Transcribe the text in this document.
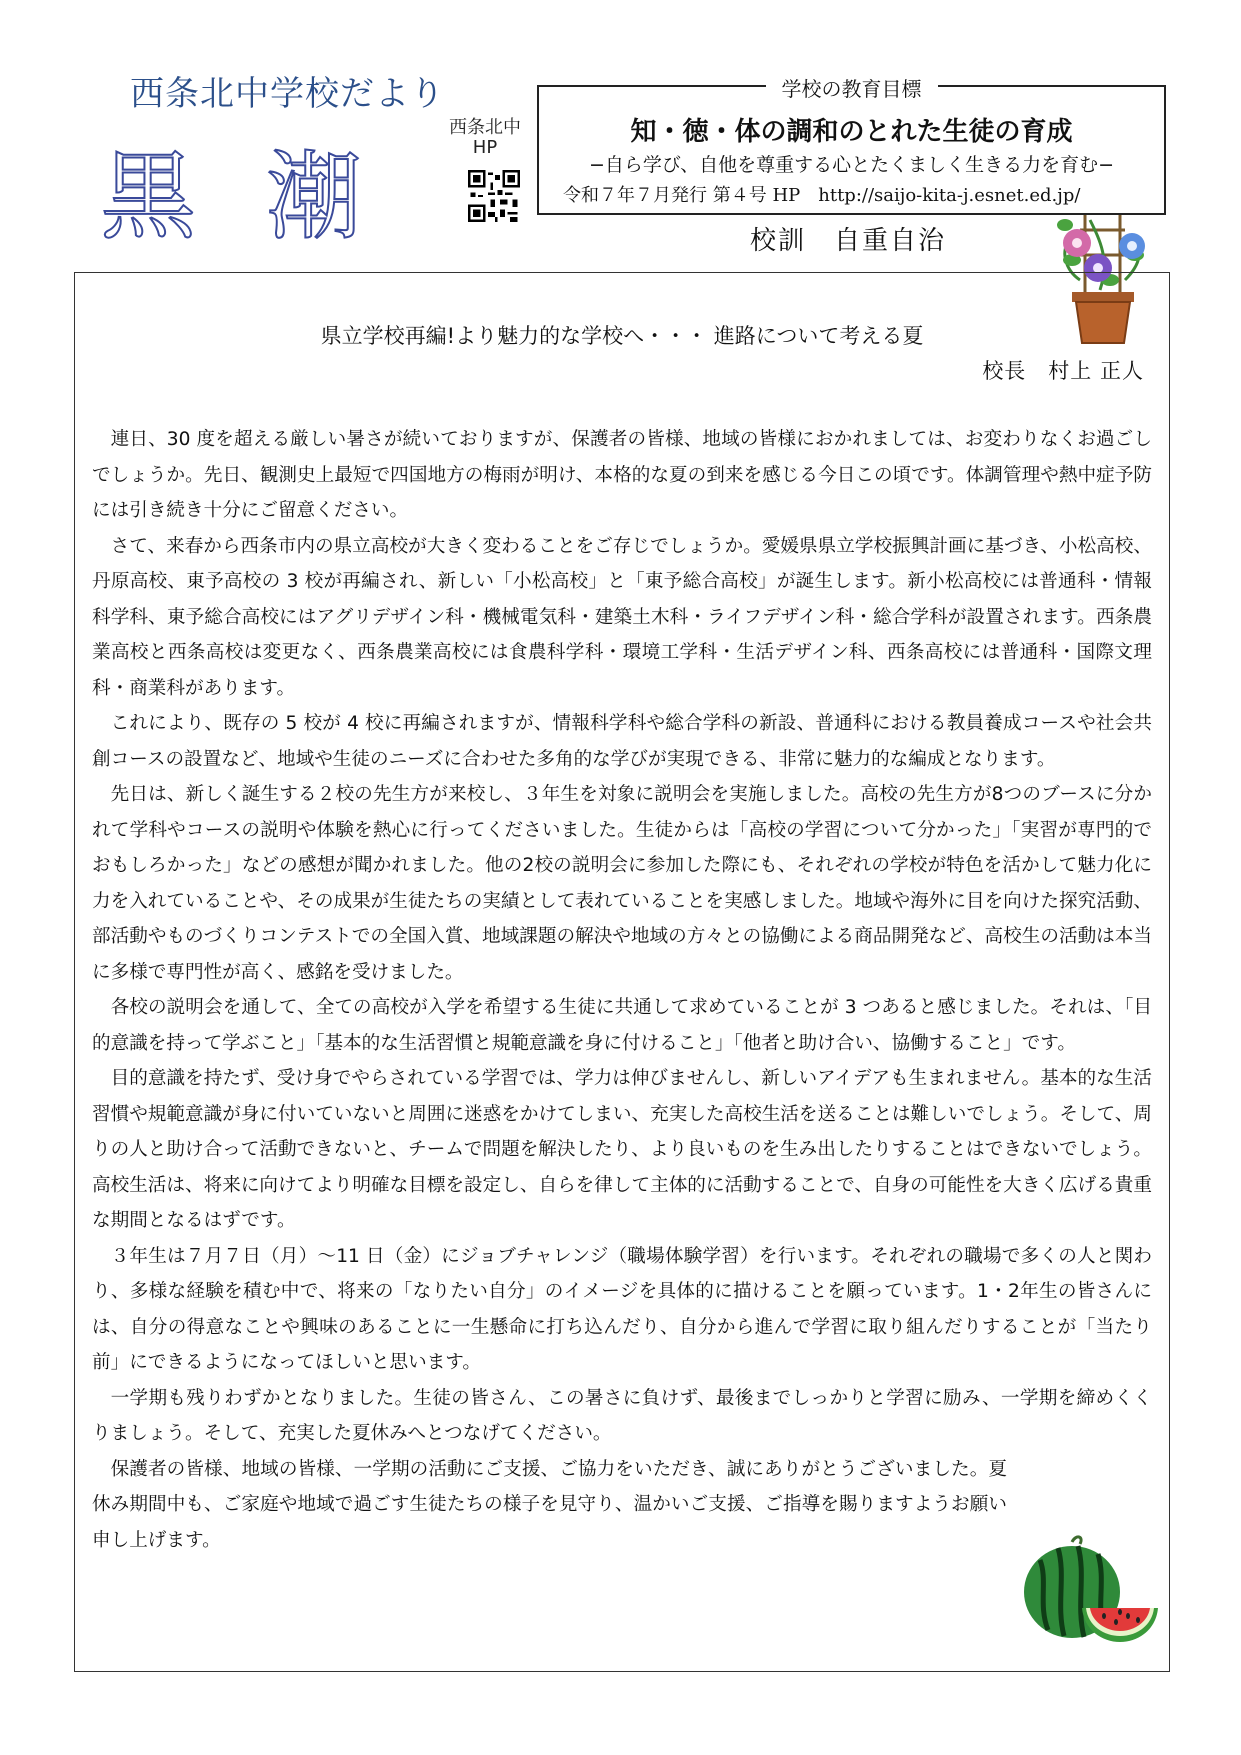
西条北中学校だより
黒潮
西条北中
HP
学校の教育目標
知・徳・体の調和のとれた生徒の育成
−自ら学び、自他を尊重する心とたくましく生きる力を育む−
令和７年７月発行 第４号 HP　http://saijo-kita-j.esnet.ed.jp/
校訓　自重自治
県立学校再編!より魅力的な学校へ・・・ 進路について考える夏
校長　村上 正人

連日、30 度を超える厳しい暑さが続いておりますが、保護者の皆様、地域の皆様におかれましては、お変わりなくお過ごしでしょうか。先日、観測史上最短で四国地方の梅雨が明け、本格的な夏の到来を感じる今日この頃です。体調管理や熱中症予防には引き続き十分にご留意ください。

さて、来春から西条市内の県立高校が大きく変わることをご存じでしょうか。愛媛県県立学校振興計画に基づき、小松高校、丹原高校、東予高校の 3 校が再編され、新しい「小松高校」と「東予総合高校」が誕生します。新小松高校には普通科・情報科学科、東予総合高校にはアグリデザイン科・機械電気科・建築土木科・ライフデザイン科・総合学科が設置されます。西条農業高校と西条高校は変更なく、西条農業高校には食農科学科・環境工学科・生活デザイン科、西条高校には普通科・国際文理科・商業科があります。

これにより、既存の 5 校が 4 校に再編されますが、情報科学科や総合学科の新設、普通科における教員養成コースや社会共創コースの設置など、地域や生徒のニーズに合わせた多角的な学びが実現できる、非常に魅力的な編成となります。

先日は、新しく誕生する２校の先生方が来校し、３年生を対象に説明会を実施しました。高校の先生方が8つのブースに分かれて学科やコースの説明や体験を熱心に行ってくださいました。生徒からは「高校の学習について分かった」「実習が専門的でおもしろかった」などの感想が聞かれました。他の2校の説明会に参加した際にも、それぞれの学校が特色を活かして魅力化に力を入れていることや、その成果が生徒たちの実績として表れていることを実感しました。地域や海外に目を向けた探究活動、部活動やものづくりコンテストでの全国入賞、地域課題の解決や地域の方々との協働による商品開発など、高校生の活動は本当に多様で専門性が高く、感銘を受けました。

各校の説明会を通して、全ての高校が入学を希望する生徒に共通して求めていることが 3 つあると感じました。それは、「目的意識を持って学ぶこと」「基本的な生活習慣と規範意識を身に付けること」「他者と助け合い、協働すること」です。

目的意識を持たず、受け身でやらされている学習では、学力は伸びませんし、新しいアイデアも生まれません。基本的な生活習慣や規範意識が身に付いていないと周囲に迷惑をかけてしまい、充実した高校生活を送ることは難しいでしょう。そして、周りの人と助け合って活動できないと、チームで問題を解決したり、より良いものを生み出したりすることはできないでしょう。高校生活は、将来に向けてより明確な目標を設定し、自らを律して主体的に活動することで、自身の可能性を大きく広げる貴重な期間となるはずです。

３年生は７月７日（月）〜11 日（金）にジョブチャレンジ（職場体験学習）を行います。それぞれの職場で多くの人と関わり、多様な経験を積む中で、将来の「なりたい自分」のイメージを具体的に描けることを願っています。1・2年生の皆さんには、自分の得意なことや興味のあることに一生懸命に打ち込んだり、自分から進んで学習に取り組んだりすることが「当たり前」にできるようになってほしいと思います。

一学期も残りわずかとなりました。生徒の皆さん、この暑さに負けず、最後までしっかりと学習に励み、一学期を締めくくりましょう。そして、充実した夏休みへとつなげてください。

保護者の皆様、地域の皆様、一学期の活動にご支援、ご協力をいただき、誠にありがとうございました。夏休み期間中も、ご家庭や地域で過ごす生徒たちの様子を見守り、温かいご支援、ご指導を賜りますようお願い申し上げます。
